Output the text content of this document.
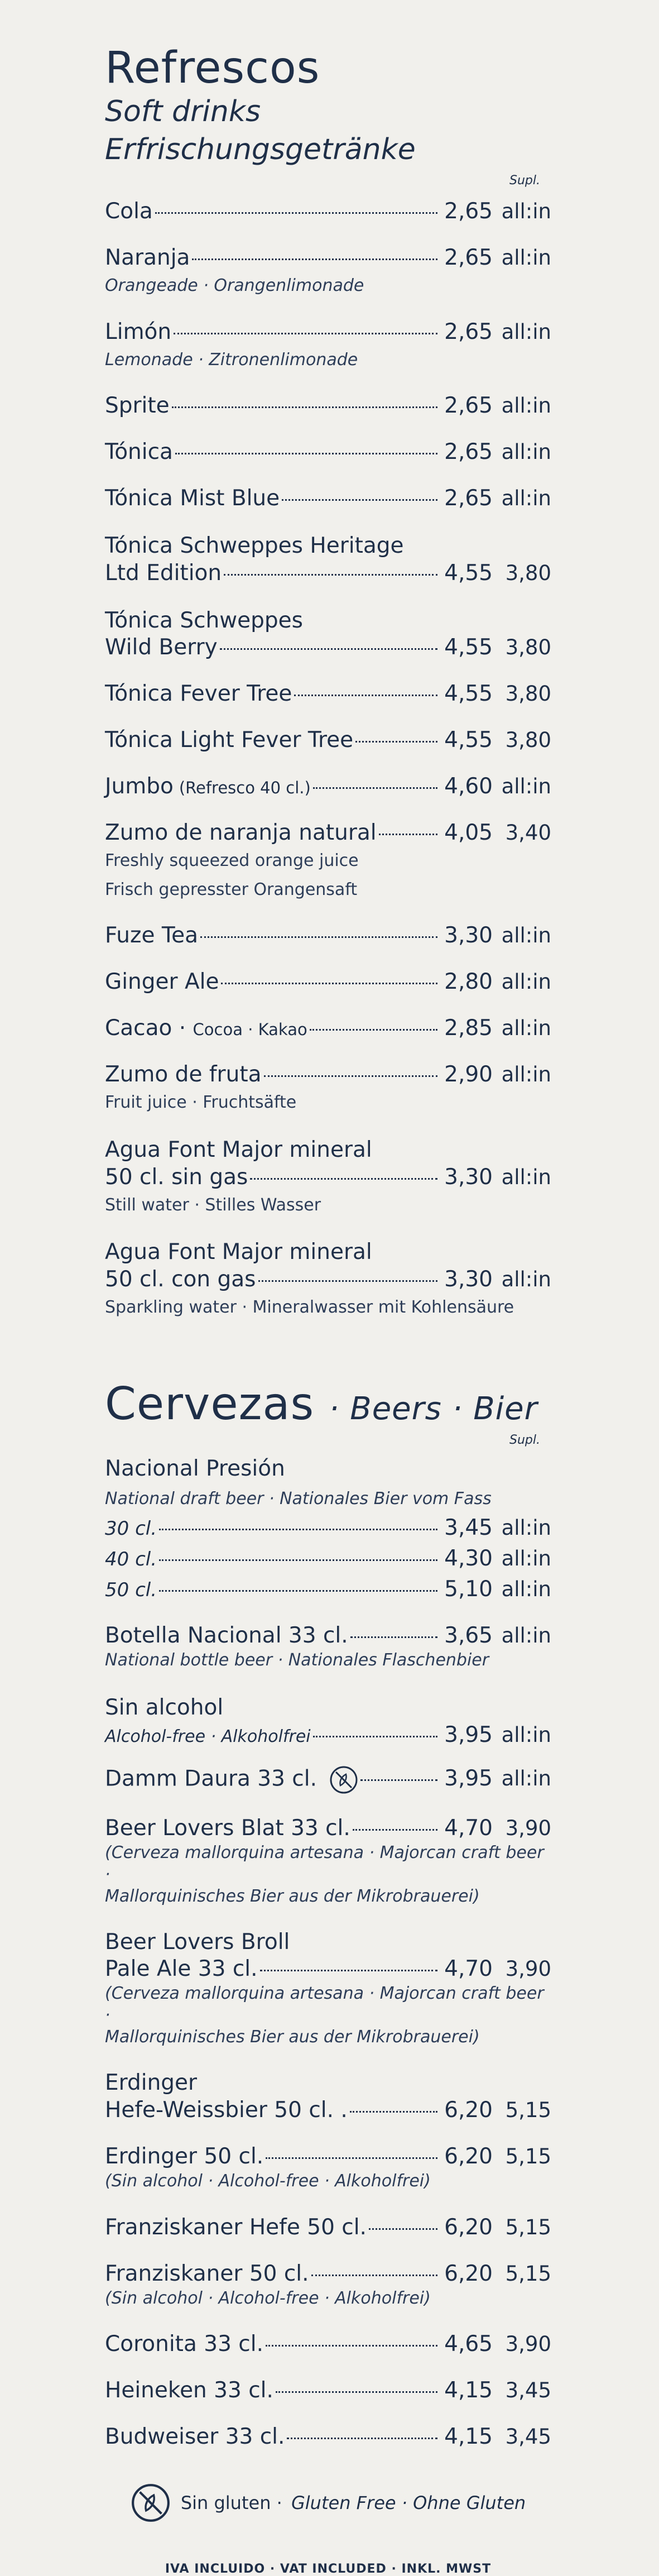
Refrescos
Soft drinks
Erfrischungsgetränke
Supl.
Cola	2,65 all:in
Naranja	2,65 all:in
Orangeade · Orangenlimonade
Limón	2,65 all:in
Lemonade · Zitronenlimonade
Sprite	2,65 all:in
Tónica	2,65 all:in
Tónica Mist Blue	2,65 all:in
Tónica Schweppes Heritage
Ltd Edition	4,55 3,80
Tónica Schweppes
Wild Berry	4,55 3,80
Tónica Fever Tree	4,55 3,80
Tónica Light Fever Tree	4,55 3,80
Jumbo (Refresco 40 cl.)	4,60 all:in
Zumo de naranja natural	4,05 3,40
Freshly squeezed orange juice
Frisch gepresster Orangensaft
Fuze Tea	3,30 all:in
Ginger Ale	2,80 all:in
Cacao · Cocoa · Kakao	2,85 all:in
Zumo de fruta	2,90 all:in
Fruit juice · Fruchtsäfte
Agua Font Major mineral
50 cl. sin gas	3,30 all:in
Still water · Stilles Wasser
Agua Font Major mineral
50 cl. con gas	3,30 all:in
Sparkling water · Mineralwasser mit Kohlensäure
Cervezas · Beers · Bier
Supl.
Nacional Presión
National draft beer · Nationales Bier vom Fass
30 cl.	3,45 all:in
40 cl.	4,30 all:in
50 cl.	5,10 all:in
Botella Nacional 33 cl.	3,65 all:in
National bottle beer · Nationales Flaschenbier
Sin alcohol
Alcohol-free · Alkoholfrei	3,95 all:in
Damm Daura 33 cl.	3,95 all:in
Beer Lovers Blat 33 cl.	4,70 3,90
(Cerveza mallorquina artesana · Majorcan craft beer ·
Mallorquinisches Bier aus der Mikrobrauerei)
Beer Lovers Broll
Pale Ale 33 cl.	4,70 3,90
(Cerveza mallorquina artesana · Majorcan craft beer ·
Mallorquinisches Bier aus der Mikrobrauerei)
Erdinger
Hefe-Weissbier 50 cl. .	6,20 5,15
Erdinger 50 cl.	6,20 5,15
(Sin alcohol · Alcohol-free · Alkoholfrei)
Franziskaner Hefe 50 cl.	6,20 5,15
Franziskaner 50 cl.	6,20 5,15
(Sin alcohol · Alcohol-free · Alkoholfrei)
Coronita 33 cl.	4,65 3,90
Heineken 33 cl.	4,15 3,45
Budweiser 33 cl.	4,15 3,45
Sin gluten · Gluten Free · Ohne Gluten
IVA INCLUIDO · VAT INCLUDED · INKL. MWST
